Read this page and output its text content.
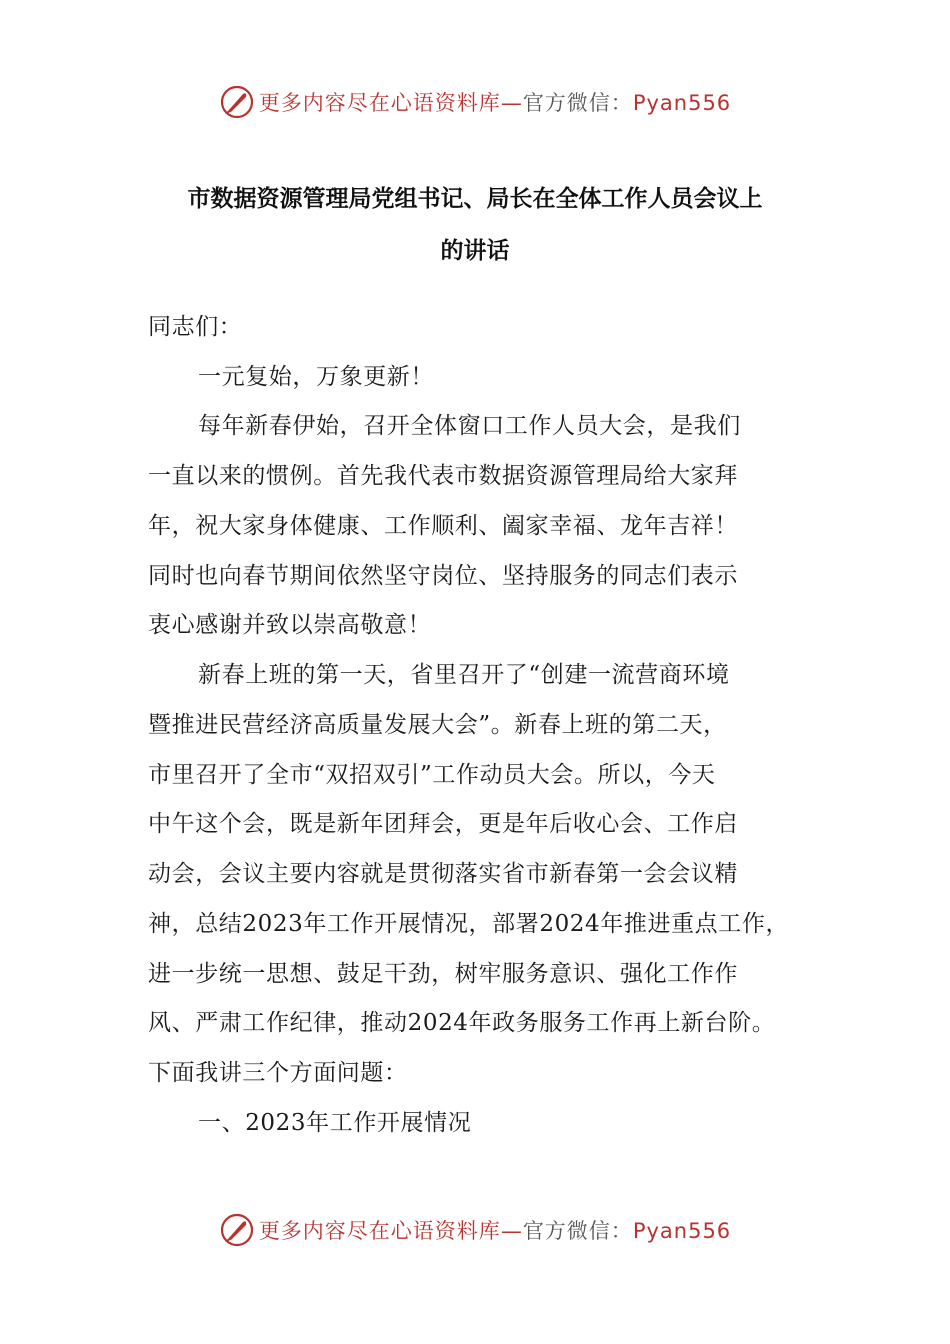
更多内容尽在心语资料库—官方微信：Pyan556
市数据资源管理局党组书记、局长在全体工作人员会议上
的讲话
同志们：
一元复始，万象更新！
每年新春伊始，召开全体窗口工作人员大会，是我们
一直以来的惯例。首先我代表市数据资源管理局给大家拜
年，祝大家身体健康、工作顺利、阖家幸福、龙年吉祥！
同时也向春节期间依然坚守岗位、坚持服务的同志们表示
衷心感谢并致以崇高敬意！
新春上班的第一天，省里召开了“创建一流营商环境
暨推进民营经济高质量发展大会”。新春上班的第二天，
市里召开了全市“双招双引”工作动员大会。所以，今天
中午这个会，既是新年团拜会，更是年后收心会、工作启
动会，会议主要内容就是贯彻落实省市新春第一会会议精
神，总结2023年工作开展情况，部署2024年推进重点工作，
进一步统一思想、鼓足干劲，树牢服务意识、强化工作作
风、严肃工作纪律，推动2024年政务服务工作再上新台阶。
下面我讲三个方面问题：
一、2023年工作开展情况
更多内容尽在心语资料库—官方微信：Pyan556
